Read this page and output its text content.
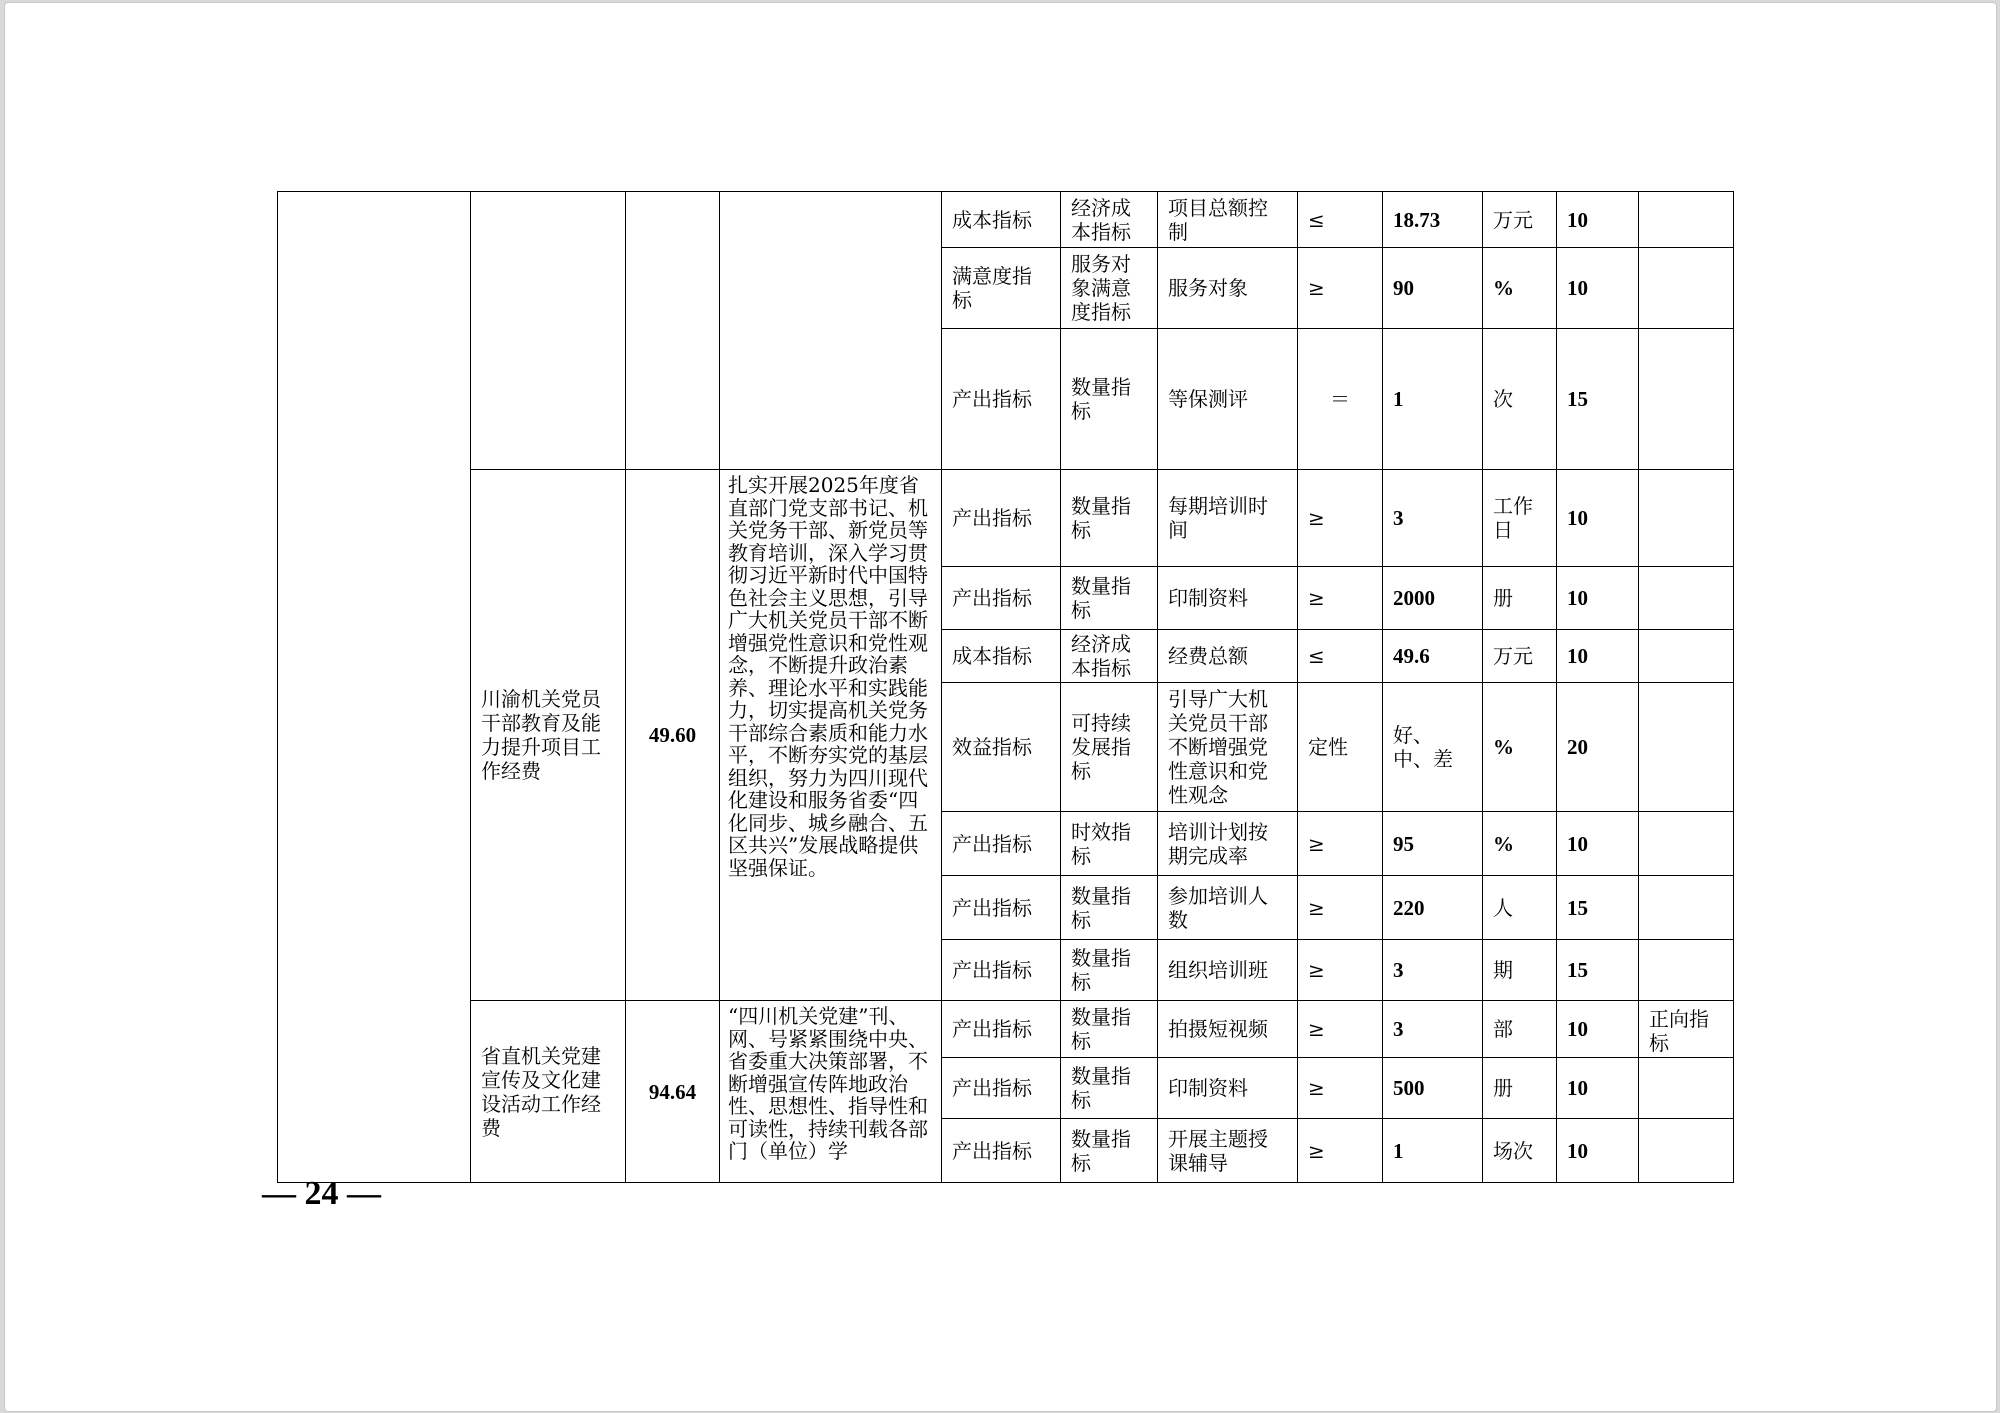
				成本指标	经济成本指标	项目总额控制	≤	18.73	万元	10	
				满意度指标	服务对象满意度指标	服务对象	≥	90	%	10	
				产出指标	数量指标	等保测评	＝	1	次	15	
	川渝机关党员干部教育及能力提升项目工作经费	49.60	扎实开展2025年度省直部门党支部书记、机关党务干部、新党员等教育培训，深入学习贯彻习近平新时代中国特色社会主义思想，引导广大机关党员干部不断增强党性意识和党性观念，不断提升政治素养、理论水平和实践能力，切实提高机关党务干部综合素质和能力水平，不断夯实党的基层组织，努力为四川现代化建设和服务省委“四化同步、城乡融合、五区共兴”发展战略提供坚强保证。	产出指标	数量指标	每期培训时间	≥	3	工作日	10	
				产出指标	数量指标	印制资料	≥	2000	册	10	
				成本指标	经济成本指标	经费总额	≤	49.6	万元	10	
				效益指标	可持续发展指标	引导广大机关党员干部不断增强党性意识和党性观念	定性	好、中、差	%	20	
				产出指标	时效指标	培训计划按期完成率	≥	95	%	10	
				产出指标	数量指标	参加培训人数	≥	220	人	15	
				产出指标	数量指标	组织培训班	≥	3	期	15	
	省直机关党建宣传及文化建设活动工作经费	94.64	“四川机关党建”刊、网、号紧紧围绕中央、省委重大决策部署，不断增强宣传阵地政治性、思想性、指导性和可读性，持续刊载各部门（单位）学	产出指标	数量指标	拍摄短视频	≥	3	部	10	正向指标
				产出指标	数量指标	印制资料	≥	500	册	10	
				产出指标	数量指标	开展主题授课辅导	≥	1	场次	10	
— 24 —
